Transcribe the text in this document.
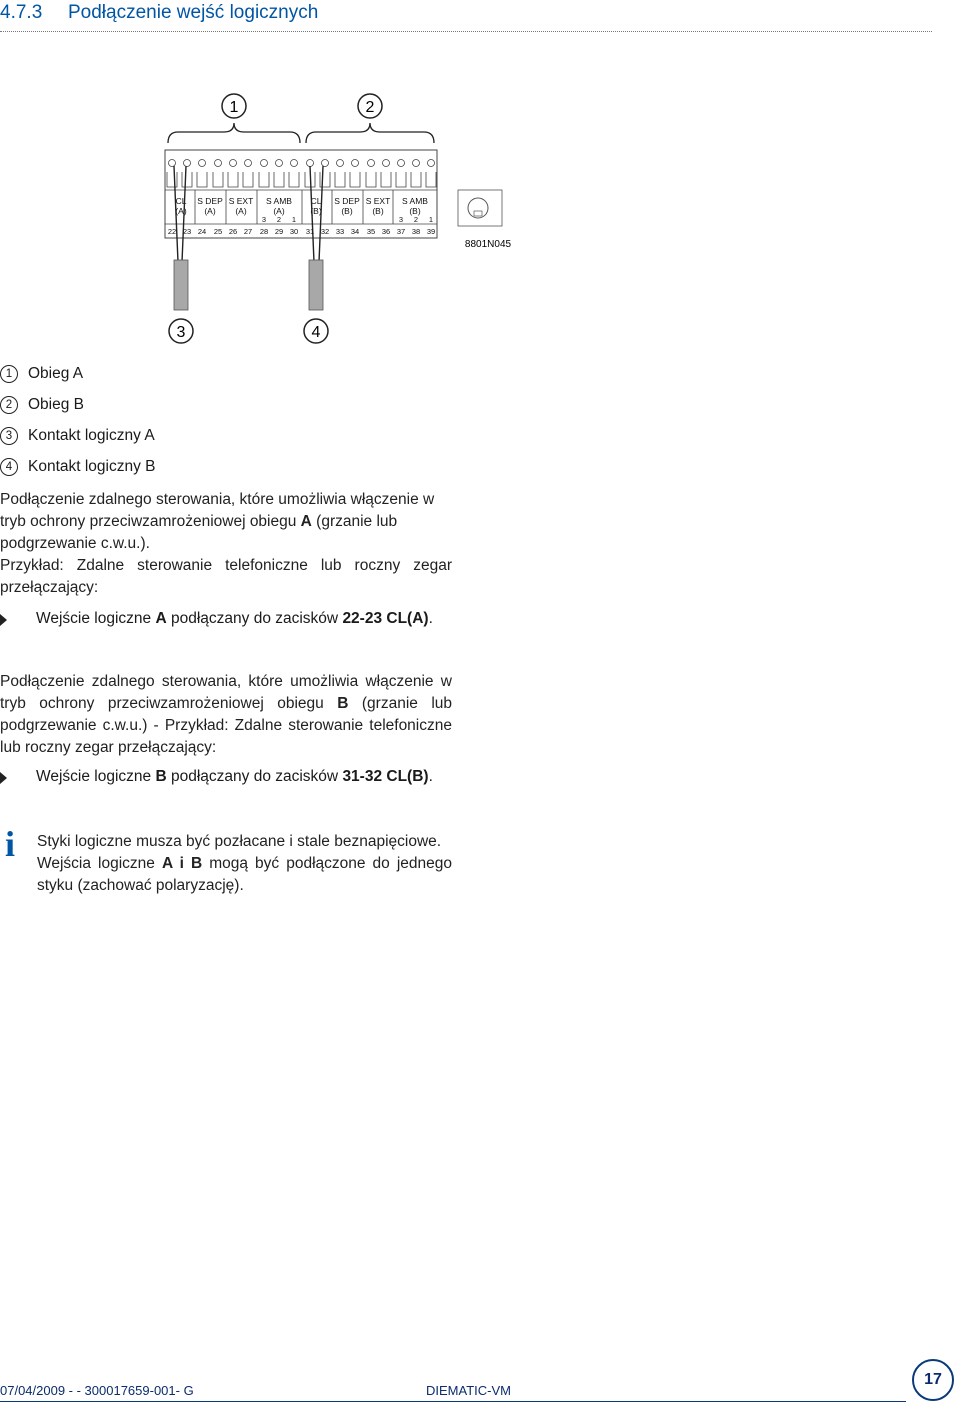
4.7.3 Podłączenie wejść logicznych
1	2
CL
(A)
S DEP
(A)
S EXT
(A)
S AMB
(A)
CL
(B)
S DEP
(B)
S EXT
(B)
S AMB
(B)
3 2 1	3 2 1
22 23 24 25 26 27 28 29 30 31 32 33 34 35 36 37 38 39
8801N045
3	4
1 Obieg A
2 Obieg B
3 Kontakt logiczny A
4 Kontakt logiczny B
Podłączenie zdalnego sterowania, które umożliwia włączenie w tryb ochrony przeciwzamrożeniowej obiegu A (grzanie lub podgrzewanie c.w.u.).
Przykład: Zdalne sterowanie telefoniczne lub roczny zegar przełączający:
Wejście logiczne A podłączany do zacisków 22-23 CL(A).
Podłączenie zdalnego sterowania, które umożliwia włączenie w tryb ochrony przeciwzamrożeniowej obiegu B (grzanie lub podgrzewanie c.w.u.) - Przykład: Zdalne sterowanie telefoniczne lub roczny zegar przełączający:
Wejście logiczne B podłączany do zacisków 31-32 CL(B).
i Styki logiczne musza być pozłacane i stale beznapięciowe.
Wejścia logiczne A i B mogą być podłączone do jednego styku (zachować polaryzację).
07/04/2009 - - 300017659-001- G	DIEMATIC-VM
17
